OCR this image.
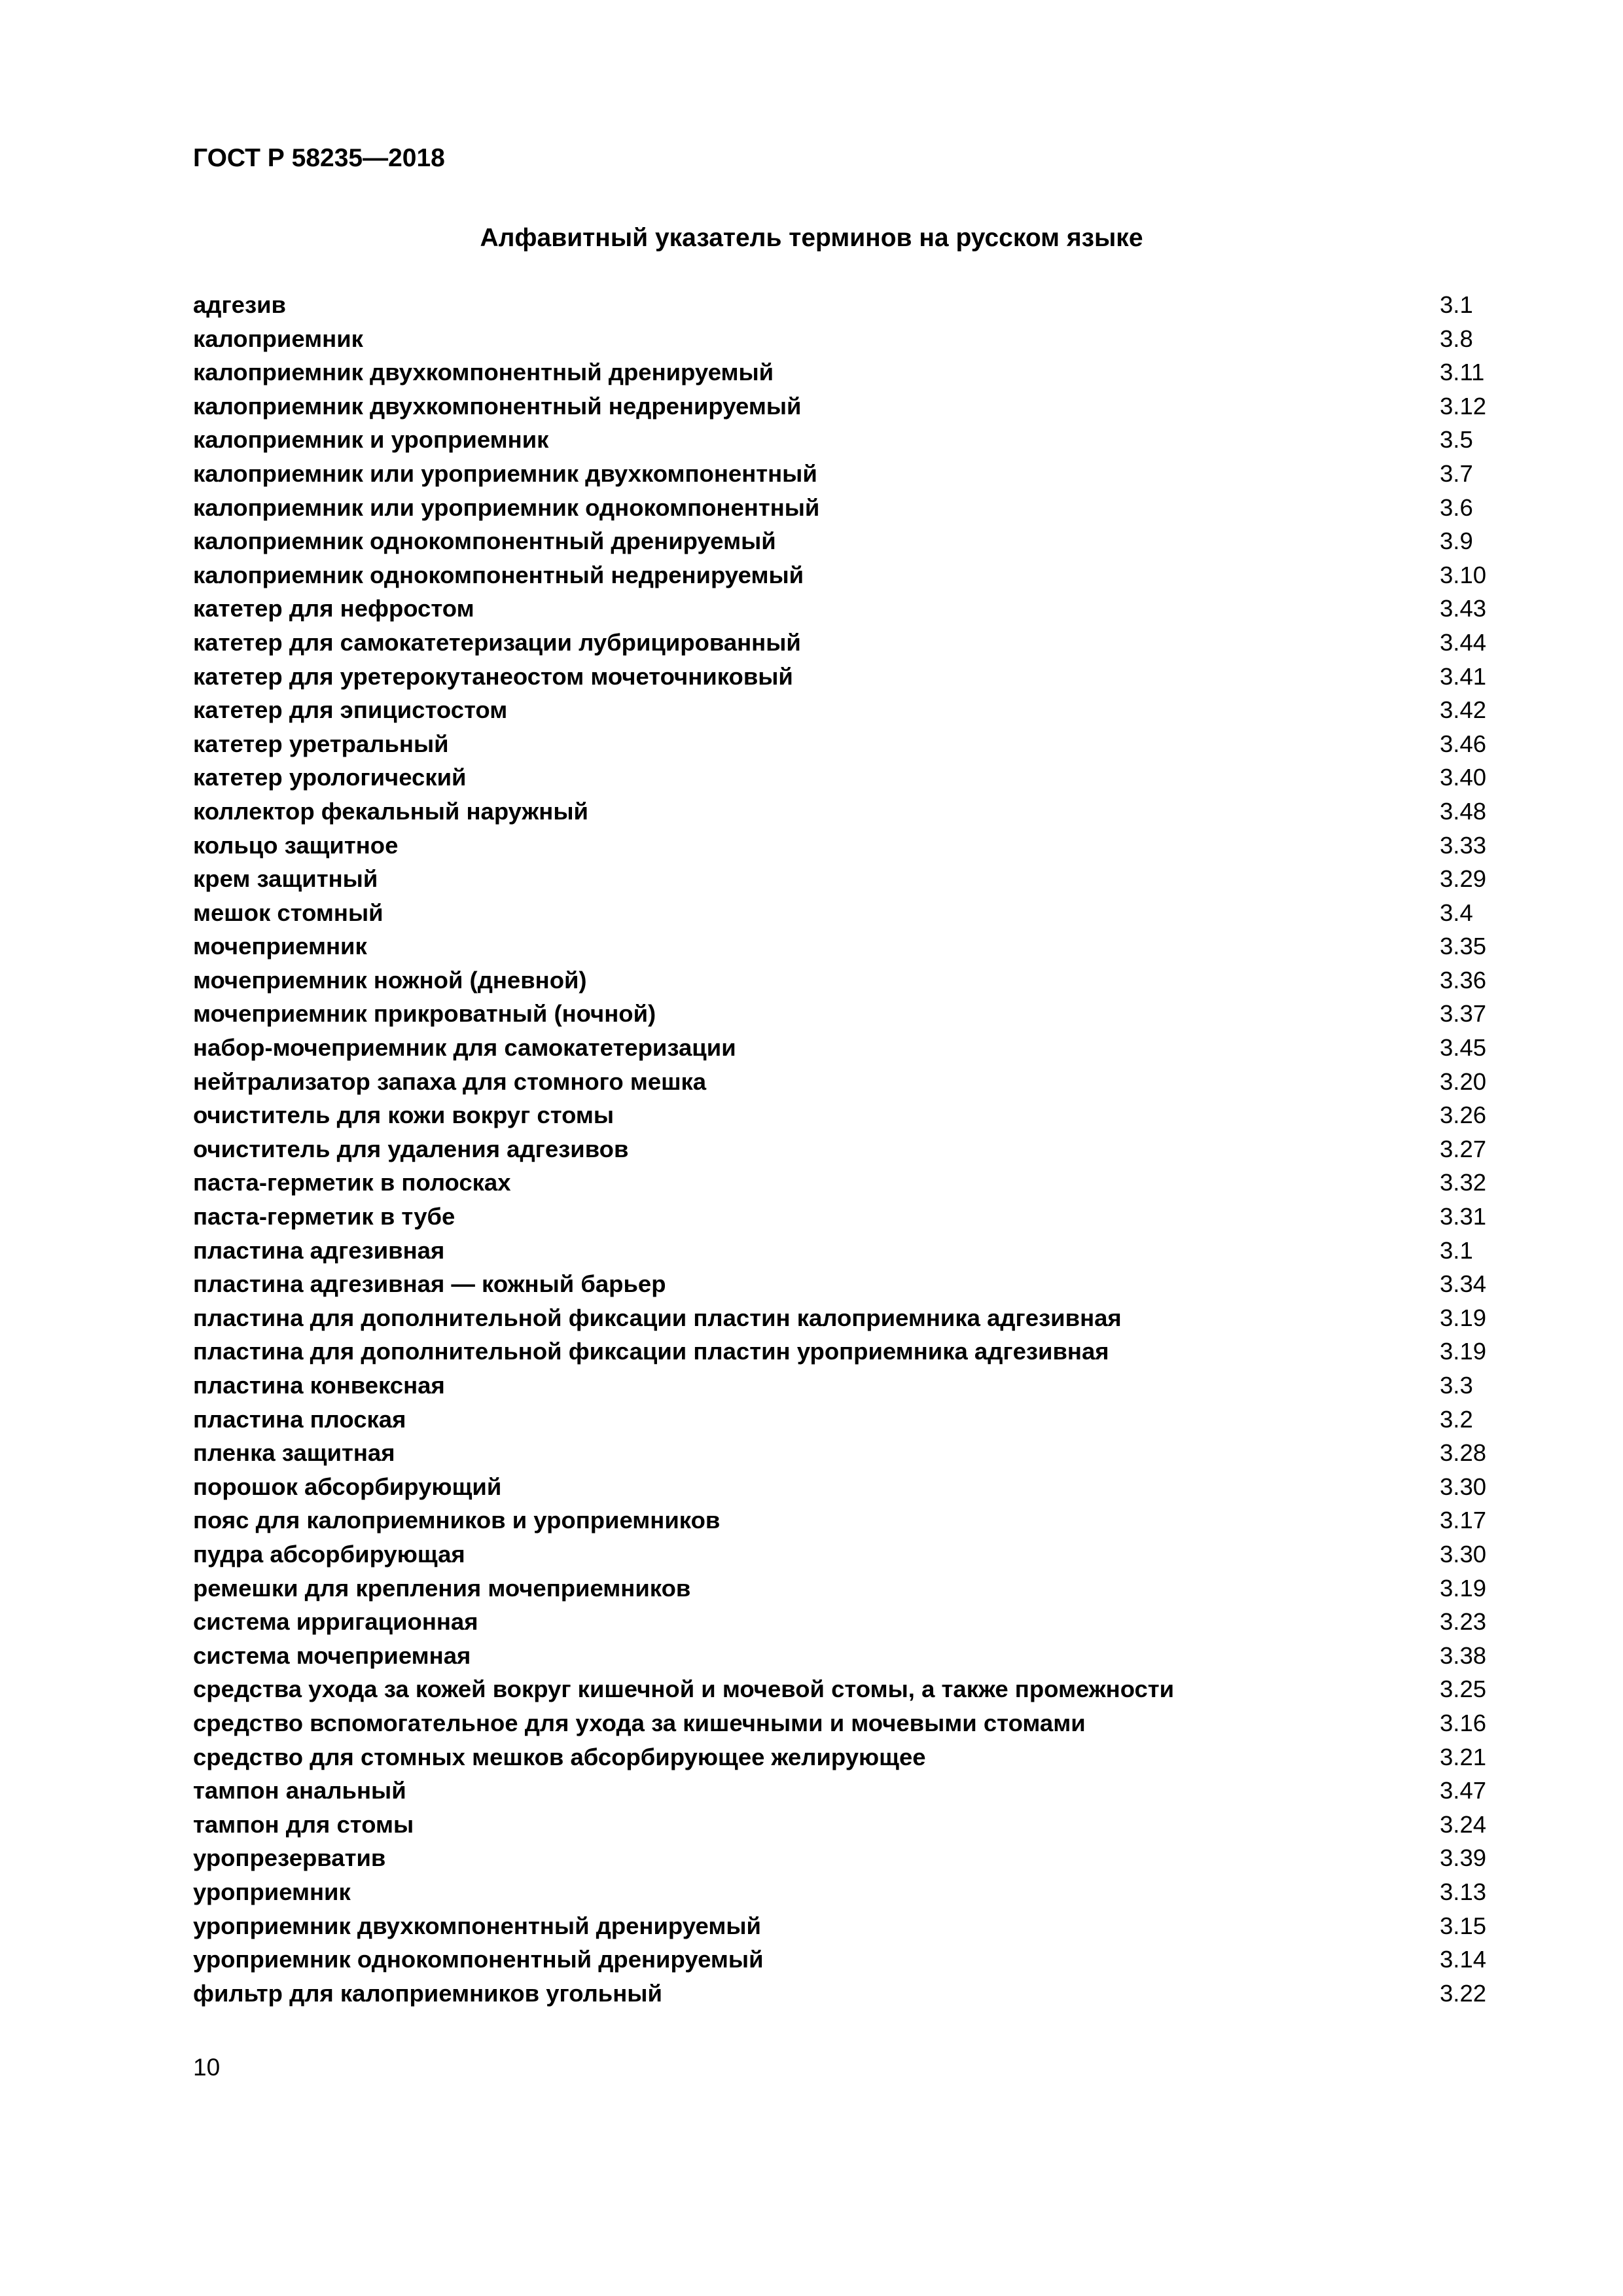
ГОСТ Р 58235—2018
Алфавитный указатель терминов на русском языке
адгезив	3.1
калоприемник	3.8
калоприемник двухкомпонентный дренируемый	3.11
калоприемник двухкомпонентный недренируемый	3.12
калоприемник и уроприемник	3.5
калоприемник или уроприемник двухкомпонентный	3.7
калоприемник или уроприемник однокомпонентный	3.6
калоприемник однокомпонентный дренируемый	3.9
калоприемник однокомпонентный недренируемый	3.10
катетер для нефростом	3.43
катетер для самокатетеризации лубрицированный	3.44
катетер для уретерокутанеостом мочеточниковый	3.41
катетер для эпицистостом	3.42
катетер уретральный	3.46
катетер урологический	3.40
коллектор фекальный наружный	3.48
кольцо защитное	3.33
крем защитный	3.29
мешок стомный	3.4
мочеприемник	3.35
мочеприемник ножной (дневной)	3.36
мочеприемник прикроватный (ночной)	3.37
набор-мочеприемник для самокатетеризации	3.45
нейтрализатор запаха для стомного мешка	3.20
очиститель для кожи вокруг стомы	3.26
очиститель для удаления адгезивов	3.27
паста-герметик в полосках	3.32
паста-герметик в тубе	3.31
пластина адгезивная	3.1
пластина адгезивная — кожный барьер	3.34
пластина для дополнительной фиксации пластин калоприемника адгезивная	3.19
пластина для дополнительной фиксации пластин уроприемника адгезивная	3.19
пластина конвексная	3.3
пластина плоская	3.2
пленка защитная	3.28
порошок абсорбирующий	3.30
пояс для калоприемников и уроприемников	3.17
пудра абсорбирующая	3.30
ремешки для крепления мочеприемников	3.19
система ирригационная	3.23
система мочеприемная	3.38
средства ухода за кожей вокруг кишечной и мочевой стомы, а также промежности	3.25
средство вспомогательное для ухода за кишечными и мочевыми стомами	3.16
средство для стомных мешков абсорбирующее желирующее	3.21
тампон анальный	3.47
тампон для стомы	3.24
уропрезерватив	3.39
уроприемник	3.13
уроприемник двухкомпонентный дренируемый	3.15
уроприемник однокомпонентный дренируемый	3.14
фильтр для калоприемников угольный	3.22
10
